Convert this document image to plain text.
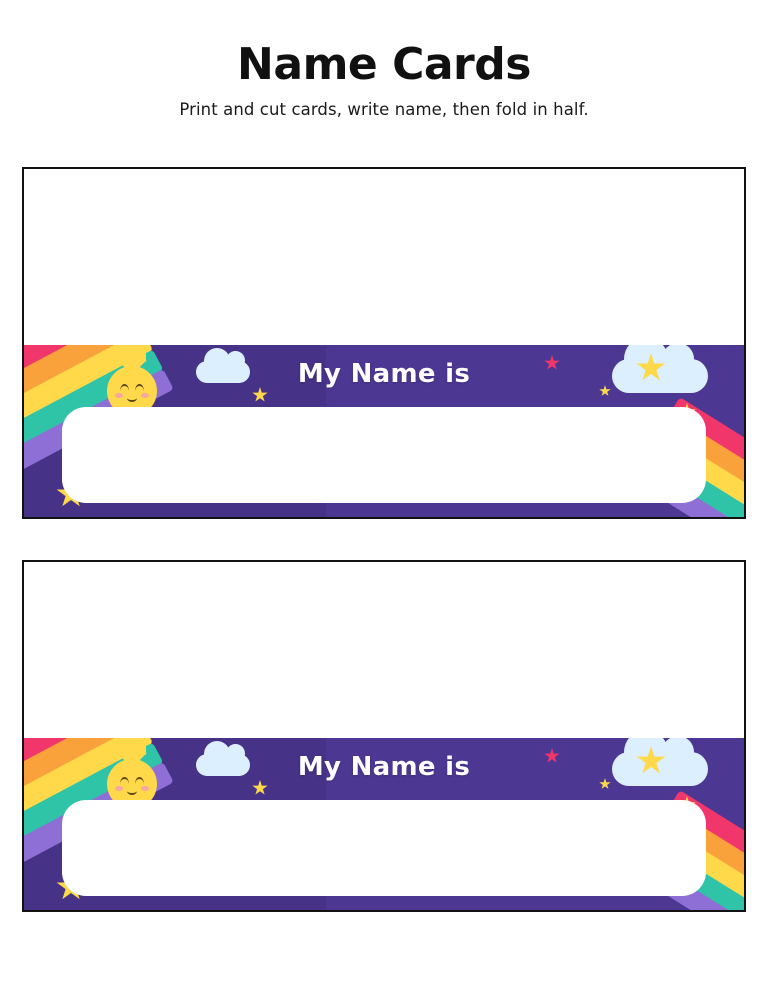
Name Cards

Print and cut cards, write name, then fold in half.

My Name is
My Name is
